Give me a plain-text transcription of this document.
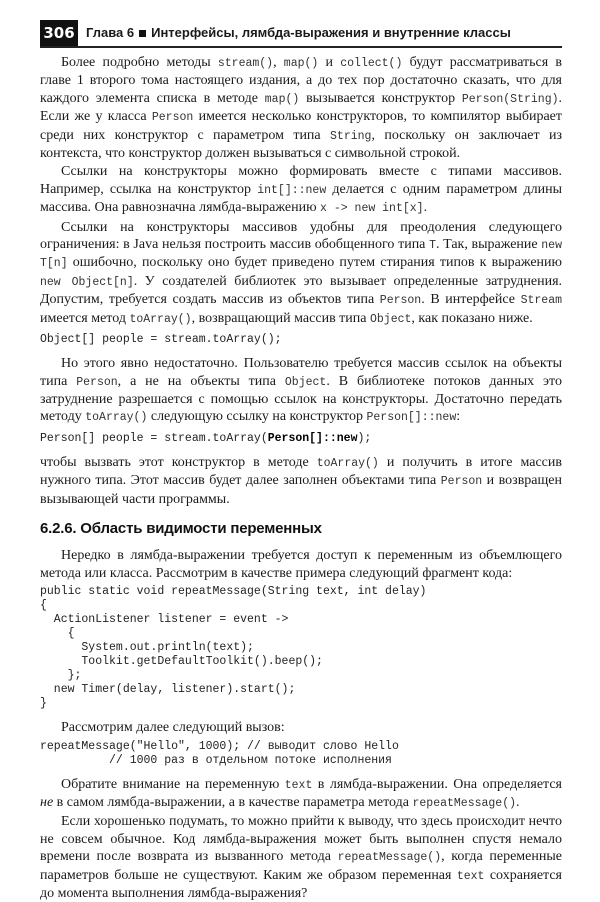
306 Глава 6 Интерфейсы, лямбда-выражения и внутренние классы

Более подробно методы stream(), map() и collect() будут рассматриваться в главе 1 второго тома настоящего издания, а до тех пор достаточно сказать, что для каждого элемента списка в методе map() вызывается конструктор Person(String). Если же у класса Person имеется несколько конструкторов, то компилятор выбирает среди них конструктор с параметром типа String, поскольку он заключает из контекста, что конструктор должен вызываться с символьной строкой.

Ссылки на конструкторы можно формировать вместе с типами массивов. Например, ссылка на конструктор int[]::new делается с одним параметром длины массива. Она равнозначна лямбда-выражению x -> new int[x].

Ссылки на конструкторы массивов удобны для преодоления следующего ограничения: в Java нельзя построить массив обобщенного типа T. Так, выражение new T[n] ошибочно, поскольку оно будет приведено путем стирания типов к выражению new Object[n]. У создателей библиотек это вызывает определенные затруднения. Допустим, требуется создать массив из объектов типа Person. В интерфейсе Stream имеется метод toArray(), возвращающий массив типа Object, как показано ниже.

Object[] people = stream.toArray();

Но этого явно недостаточно. Пользователю требуется массив ссылок на объекты типа Person, а не на объекты типа Object. В библиотеке потоков данных это затруднение разрешается с помощью ссылок на конструкторы. Достаточно передать методу toArray() следующую ссылку на конструктор Person[]::new:

Person[] people = stream.toArray(Person[]::new);

чтобы вызвать этот конструктор в методе toArray() и получить в итоге массив нужного типа. Этот массив будет далее заполнен объектами типа Person и возвращен вызывающей части программы.

6.2.6. Область видимости переменных

Нередко в лямбда-выражении требуется доступ к переменным из объемлющего метода или класса. Рассмотрим в качестве примера следующий фрагмент кода:

public static void repeatMessage(String text, int delay)
{
ActionListener listener = event ->
{
System.out.println(text);
Toolkit.getDefaultToolkit().beep();
};
new Timer(delay, listener).start();
}

Рассмотрим далее следующий вызов:

repeatMessage("Hello", 1000); // выводит слово Hello
// 1000 раз в отдельном потоке исполнения

Обратите внимание на переменную text в лямбда-выражении. Она определяется не в самом лямбда-выражении, а в качестве параметра метода repeatMessage().

Если хорошенько подумать, то можно прийти к выводу, что здесь происходит нечто не совсем обычное. Код лямбда-выражения может быть выполнен спустя немало времени после возврата из вызванного метода repeatMessage(), когда переменные параметров больше не существуют. Каким же образом переменная text сохраняется до момента выполнения лямбда-выражения?
